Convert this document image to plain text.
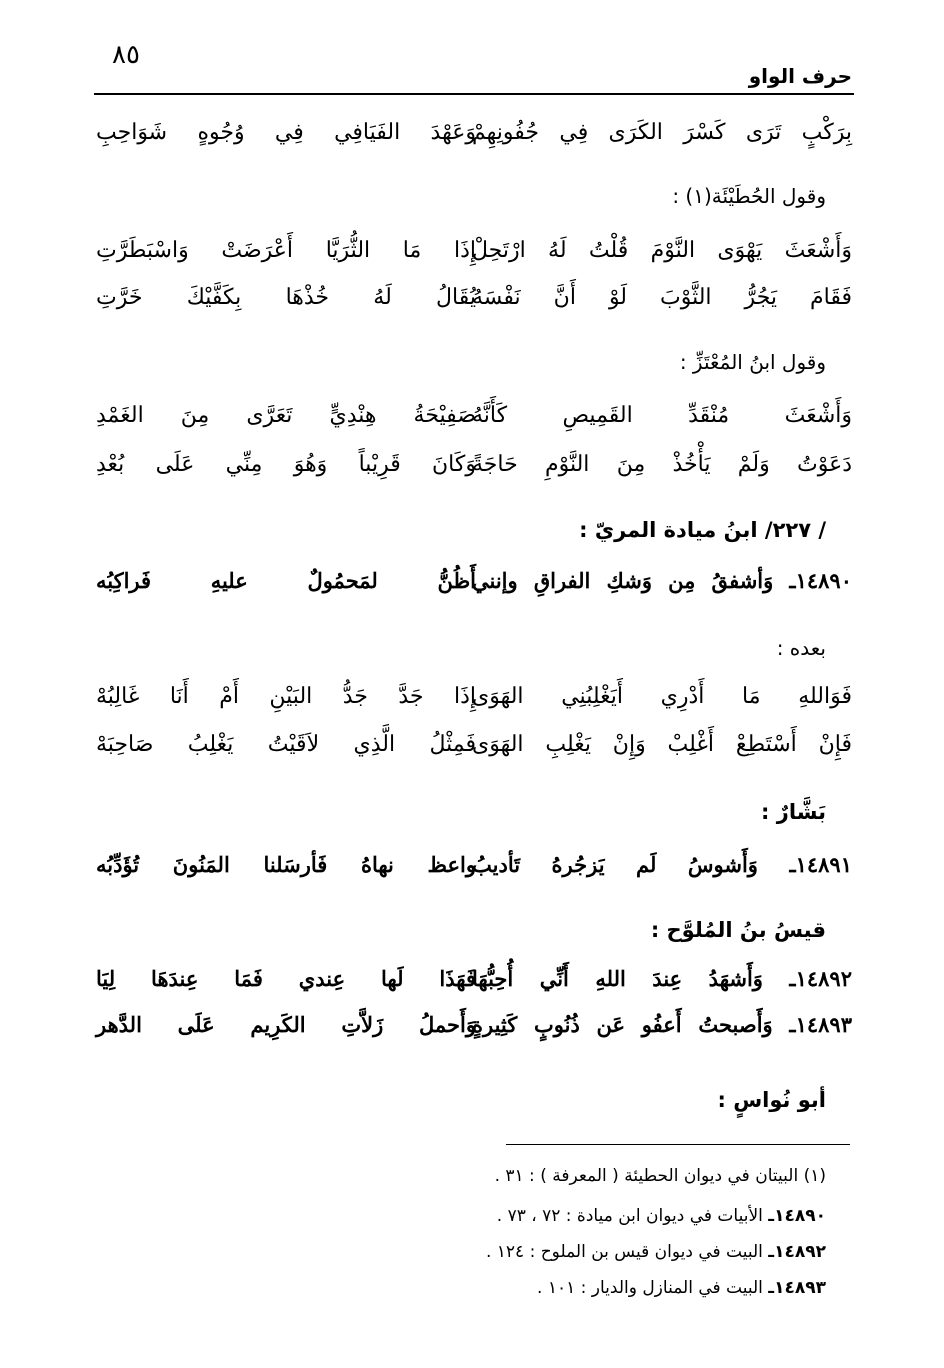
٨٥
حرف الواو
بِرَكْبٍ تَرَى كَسْرَ الكَرَى فِي جُفُونِهِمْ
وَعَهْدَ الفَيَافِي فِي وُجُوهٍ شَوَاحِبِ
وقول الحُطَيْئَة(١) :
وَأَشْعَثَ يَهْوَى النَّوْمَ قُلْتُ لَهُ ارْتَحِلْ
إِذَا مَا الثُّرَيَّا أَعْرَضَتْ وَاسْبَطَرَّتِ
فَقَامَ يَجُرُّ الثَّوْبَ لَوْ أَنَّ نَفْسَهُ
يُقَالُ لَهُ خُذْهَا بِكَفَّيْكَ خَرَّتِ
وقول ابنُ المُعْتَزِّ :
وَأَشْعَثَ مُنْقَدِّ القَمِيصِ كَأَنَّهُ
صَفِيْحَةُ هِنْدِيٍّ تَعَرَّى مِنَ الغَمْدِ
دَعَوْتُ وَلَمْ يَأْخُذْ مِنَ النَّوْمِ حَاجَةً
وَكَانَ قَرِيْباً وَهُوَ مِنِّي عَلَى بُعْدِ
/ ٢٢٧/ ابنُ ميادة المريّ :
١٤٨٩٠ـ وَأشفقُ مِن وَشكِ الفراقِ وإنني
أَظُنُّ لمَحمُولٌ عليهِ فَراكِبُه
بعده :
فَوَاللهِ مَا أَدْرِي أَيَغْلِبُنِي الهَوَى
إِذَا جَدَّ جَدُّ البَيْنِ أَمْ أَنَا غَالِبُهْ
فَإِنْ أَسْتَطِعْ أَغْلِبْ وَإِنْ يَغْلِبِ الهَوَى
فَمِثْلُ الَّذِي لاَقَيْتُ يَغْلِبُ صَاحِبَهْ
بَشَّارٌ :
١٤٨٩١ـ وَأَشوسُ لَم يَزجُرهُ تَأديبُ
واعظ نهاهُ فَأرسَلنا المَنُونَ تُؤَدِّبُه
قيسُ بنُ المُلوَّح :
١٤٨٩٢ـ وَأَشهَدُ عِندَ اللهِ أَنِّي أُحِبُّهَا
فَهَذَا لَها عِندي فَمَا عِندَهَا لِيَا
١٤٨٩٣ـ وَأَصبحتُ أَعفُو عَن ذُنُوبٍ كَثِيرةٍ
وَأَحملُ زَلاَّتِ الكَرِيم عَلَى الدَّهر
أبو نُواسٍ :
(١) البيتان في ديوان الحطيئة ( المعرفة ) : ٣١ .
١٤٨٩٠ـ الأبيات في ديوان ابن ميادة : ٧٢ ، ٧٣ .
١٤٨٩٢ـ البيت في ديوان قيس بن الملوح : ١٢٤ .
١٤٨٩٣ـ البيت في المنازل والديار : ١٠١ .
